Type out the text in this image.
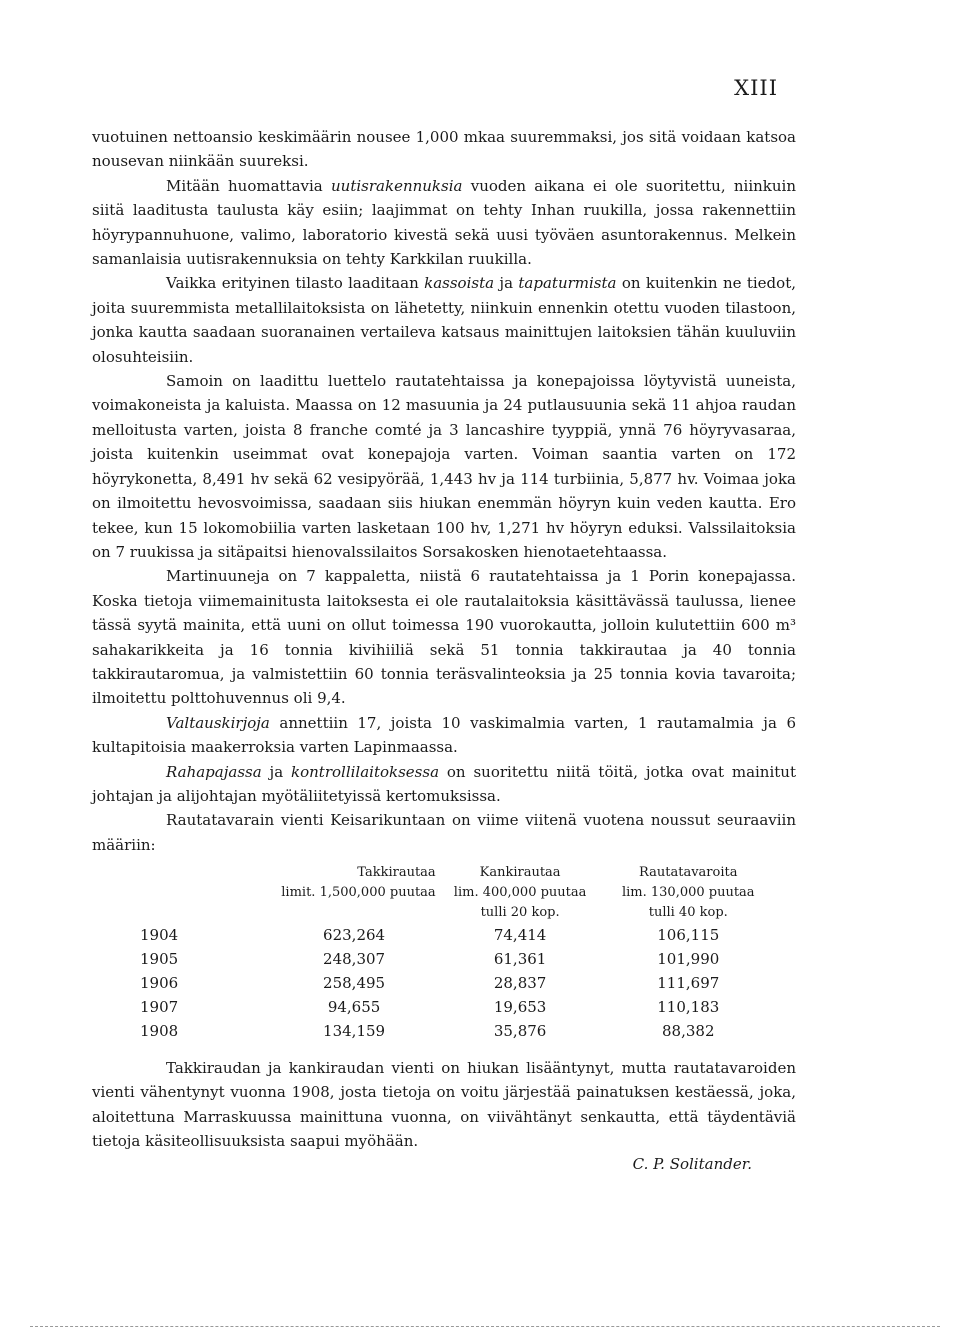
XIII

vuotuinen nettoansio keskimäärin nousee 1,000 mkaa suuremmaksi, jos sitä voidaan katsoa nousevan niinkään suureksi.

Mitään huomattavia uutisrakennuksia vuoden aikana ei ole suoritettu, niinkuin siitä laaditusta taulusta käy esiin; laajimmat on tehty Inhan ruukilla, jossa rakennettiin höyrypannuhuone, valimo, laboratorio kivestä sekä uusi työväen asuntorakennus. Melkein samanlaisia uutisrakennuksia on tehty Karkkilan ruukilla.

Vaikka erityinen tilasto laaditaan kassoista ja tapaturmista on kuitenkin ne tiedot, joita suuremmista metallilaitoksista on lähetetty, niinkuin ennenkin otettu vuoden tilastoon, jonka kautta saadaan suoranainen vertaileva katsaus mainittujen laitoksien tähän kuuluviin olosuhteisiin.

Samoin on laadittu luettelo rautatehtaissa ja konepajoissa löytyvistä uuneista, voimakoneista ja kaluista. Maassa on 12 masuunia ja 24 putlausuunia sekä 11 ahjoa raudan melloitusta varten, joista 8 franche comté ja 3 lancashire tyyppiä, ynnä 76 höyryvasaraa, joista kuitenkin useimmat ovat konepajoja varten. Voiman saantia varten on 172 höyrykonetta, 8,491 hv sekä 62 vesipyörää, 1,443 hv ja 114 turbiinia, 5,877 hv. Voimaa joka on ilmoitettu hevosvoimissa, saadaan siis hiukan enemmän höyryn kuin veden kautta. Ero tekee, kun 15 lokomobiilia varten lasketaan 100 hv, 1,271 hv höyryn eduksi. Valssilaitoksia on 7 ruukissa ja sitäpaitsi hienovalssilaitos Sorsakosken hienotaetehtaassa.

Martinuuneja on 7 kappaletta, niistä 6 rautatehtaissa ja 1 Porin konepajassa. Koska tietoja viimemainitusta laitoksesta ei ole rautalaitoksia käsittävässä taulussa, lienee tässä syytä mainita, että uuni on ollut toimessa 190 vuorokautta, jolloin kulutettiin 600 m³ sahakarikkeita ja 16 tonnia kivihiiliä sekä 51 tonnia takkirautaa ja 40 tonnia takkirautaromua, ja valmistettiin 60 tonnia teräsvalinteoksia ja 25 tonnia kovia tavaroita; ilmoitettu polttohuvennus oli 9,4.

Valtauskirjoja annettiin 17, joista 10 vaskimalmia varten, 1 rautamalmia ja 6 kultapitoisia maakerroksia varten Lapinmaassa.

Rahapajassa ja kontrollilaitoksessa on suoritettu niitä töitä, jotka ovat mainitut johtajan ja alijohtajan myötäliitetyissä kertomuksissa.

Rautatavarain vienti Keisarikuntaan on viime viitenä vuotena noussut seuraaviin määriin:

	Takkirautaa	Kankirautaa	Rautatavaroita
	limit. 1,500,000 puutaa	lim. 400,000 puutaa	lim. 130,000 puutaa
		tulli 20 kop.	tulli 40 kop.
1904	623,264	74,414	106,115
1905	248,307	61,361	101,990
1906	258,495	28,837	111,697
1907	94,655	19,653	110,183
1908	134,159	35,876	88,382

Takkiraudan ja kankiraudan vienti on hiukan lisääntynyt, mutta rautatavaroiden vienti vähentynyt vuonna 1908, josta tietoja on voitu järjestää painatuksen kestäessä, joka, aloitettuna Marraskuussa mainittuna vuonna, on viivähtänyt senkautta, että täydentäviä tietoja käsiteollisuuksista saapui myöhään.

C. P. Solitander.
